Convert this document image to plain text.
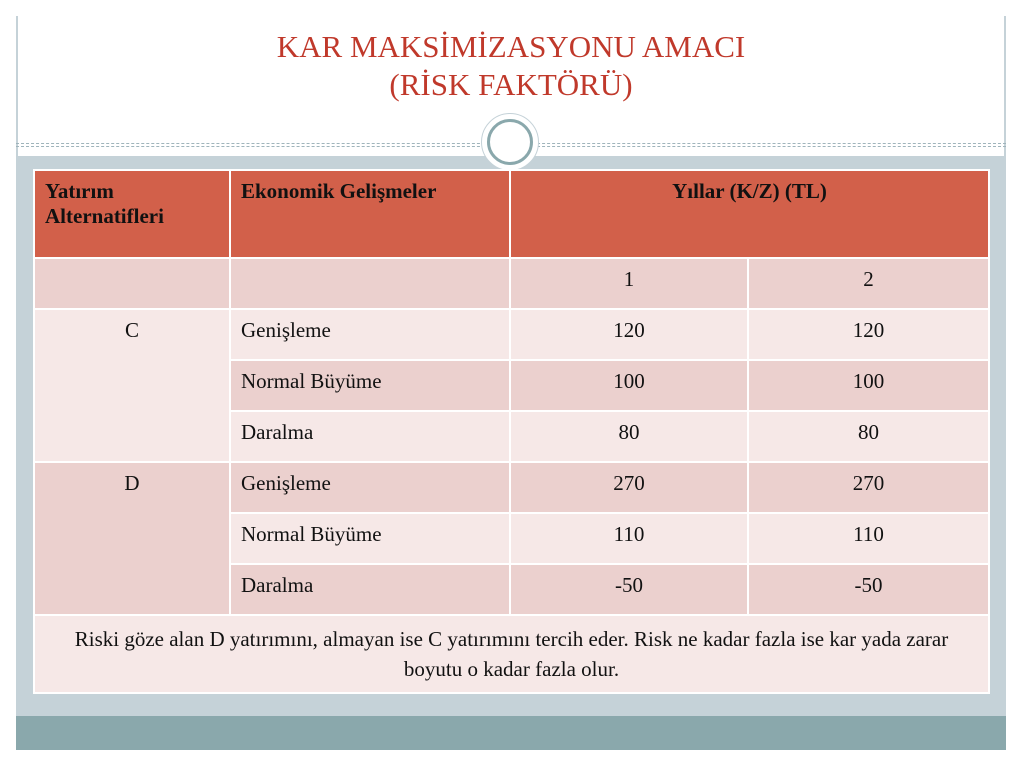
KAR MAKSİMİZASYONU AMACI
(RİSK FAKTÖRÜ)
Yatırım Alternatifleri	Ekonomik Gelişmeler	Yıllar (K/Z) (TL)	
		1	2
C	Genişleme	120	120
	Normal Büyüme	100	100
	Daralma	80	80
D	Genişleme	270	270
	Normal Büyüme	110	110
	Daralma	-50	-50
Riski göze alan D yatırımını, almayan ise C yatırımını tercih eder. Risk ne kadar fazla ise kar yada zarar boyutu o kadar fazla olur.			
